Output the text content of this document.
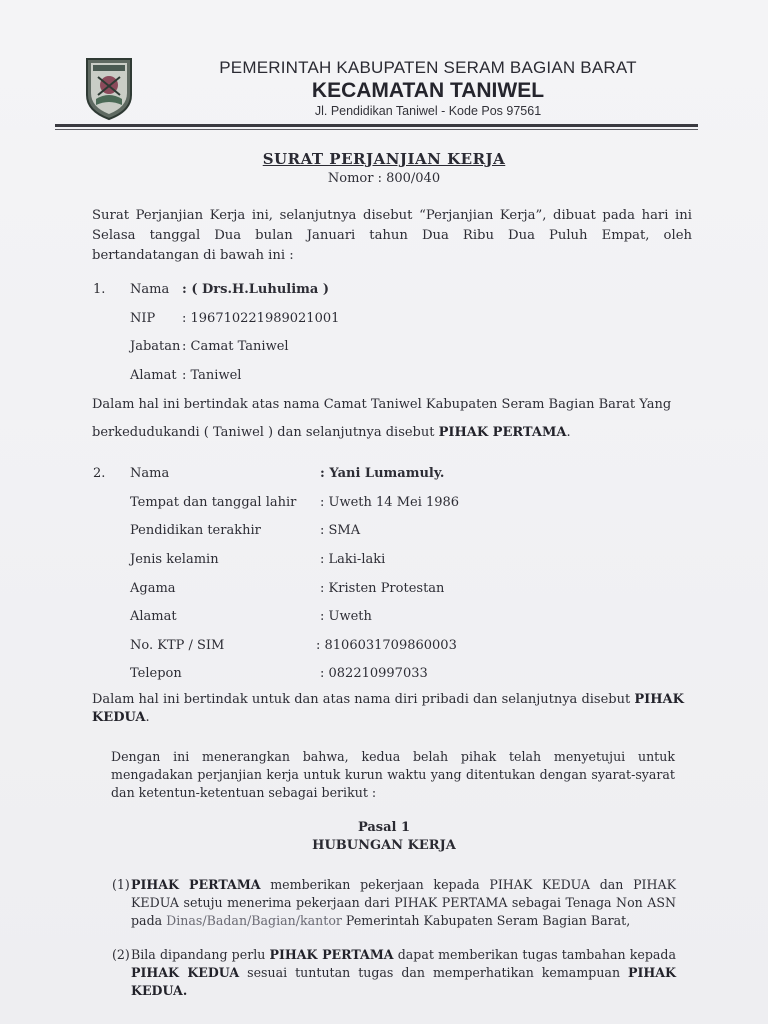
PEMERINTAH KABUPATEN SERAM BAGIAN BARAT
KECAMATAN TANIWEL
Jl. Pendidikan Taniwel - Kode Pos 97561
SURAT PERJANJIAN KERJA
Nomor : 800/040
Surat Perjanjian Kerja ini, selanjutnya disebut “Perjanjian Kerja”, dibuat pada hari ini Selasa tanggal Dua bulan Januari tahun Dua Ribu Dua Puluh Empat, oleh bertandatangan di bawah ini :
1. Nama : ( Drs.H.Luhulima )
NIP : 196710221989021001
Jabatan : Camat Taniwel
Alamat : Taniwel
Dalam hal ini bertindak atas nama Camat Taniwel Kabupaten Seram Bagian Barat Yang
berkedudukandi ( Taniwel ) dan selanjutnya disebut PIHAK PERTAMA.
2. Nama	: Yani Lumamuly.
Tempat dan tanggal lahir : Uweth 14 Mei 1986
Pendidikan terakhir	: SMA
Jenis kelamin	: Laki-laki
Agama	: Kristen Protestan
Alamat	: Uweth
No. KTP / SIM	: 8106031709860003
Telepon	: 082210997033
Dalam hal ini bertindak untuk dan atas nama diri pribadi dan selanjutnya disebut PIHAK
KEDUA.
Dengan ini menerangkan bahwa, kedua belah pihak telah menyetujui untuk mengadakan perjanjian kerja untuk kurun waktu yang ditentukan dengan syarat-syarat dan ketentun-ketentuan sebagai berikut :
Pasal 1
HUBUNGAN KERJA
(1) PIHAK PERTAMA memberikan pekerjaan kepada PIHAK KEDUA dan PIHAK KEDUA setuju menerima pekerjaan dari PIHAK PERTAMA sebagai Tenaga Non ASN pada Dinas/Badan/Bagian/kantor Pemerintah Kabupaten Seram Bagian Barat,
(2) Bila dipandang perlu PIHAK PERTAMA dapat memberikan tugas tambahan kepada PIHAK KEDUA sesuai tuntutan tugas dan memperhatikan kemampuan PIHAK KEDUA.
